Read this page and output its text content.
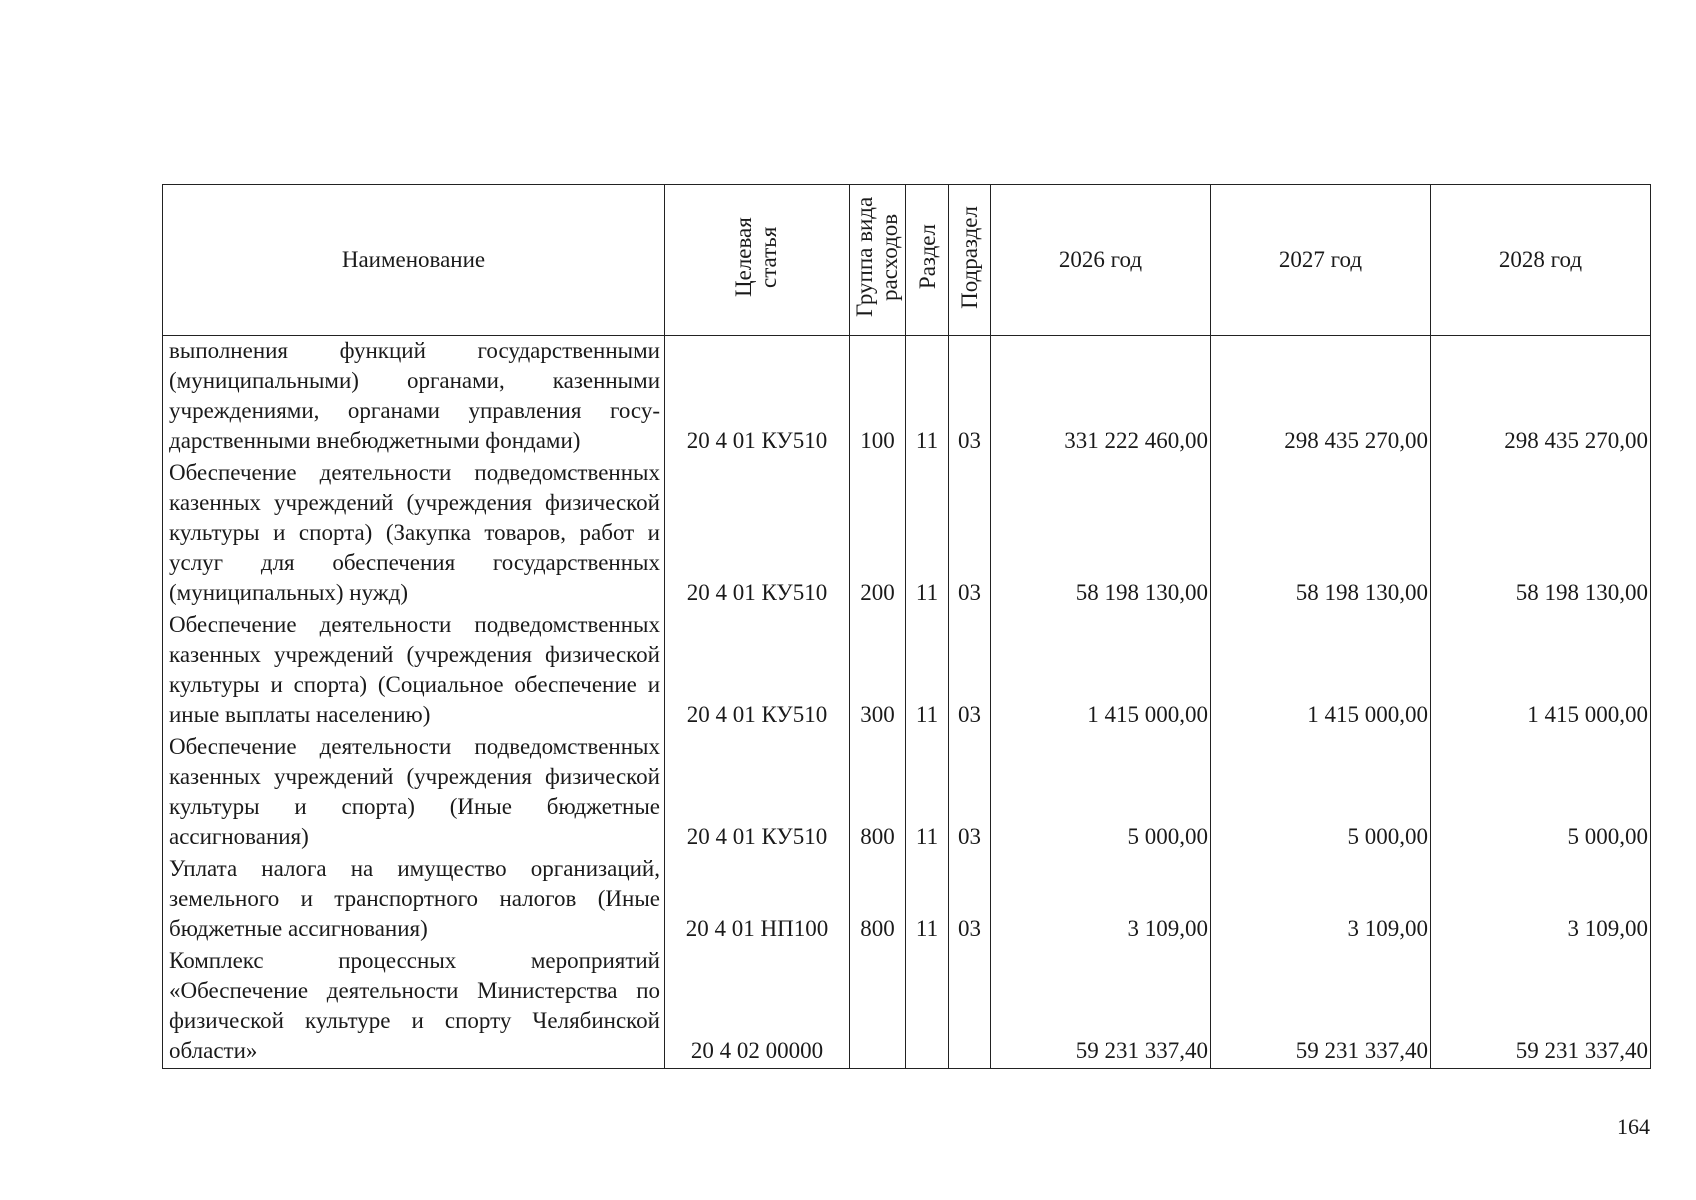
Наименование	Целевая статья	Группа вида расходов	Раздел	Подраздел	2026 год	2027 год	2028 год
выполнения функций государственными (муниципальными) органами, казенными учреждениями, органами управления государственными внебюджетными фондами)	20 4 01 КУ510	100	11	03	331 222 460,00	298 435 270,00	298 435 270,00
Обеспечение деятельности подведомственных казенных учреждений (учреждения физической культуры и спорта) (Закупка товаров, работ и услуг для обеспечения государственных (муниципальных) нужд)	20 4 01 КУ510	200	11	03	58 198 130,00	58 198 130,00	58 198 130,00
Обеспечение деятельности подведомственных казенных учреждений (учреждения физической культуры и спорта) (Социальное обеспечение и иные выплаты населению)	20 4 01 КУ510	300	11	03	1 415 000,00	1 415 000,00	1 415 000,00
Обеспечение деятельности подведомственных казенных учреждений (учреждения физической культуры и спорта) (Иные бюджетные ассигнования)	20 4 01 КУ510	800	11	03	5 000,00	5 000,00	5 000,00
Уплата налога на имущество организаций, земельного и транспортного налогов (Иные бюджетные ассигнования)	20 4 01 НП100	800	11	03	3 109,00	3 109,00	3 109,00
Комплекс процессных мероприятий «Обеспечение деятельности Министерства по физической культуре и спорту Челябинской области»	20 4 02 00000				59 231 337,40	59 231 337,40	59 231 337,40
164
